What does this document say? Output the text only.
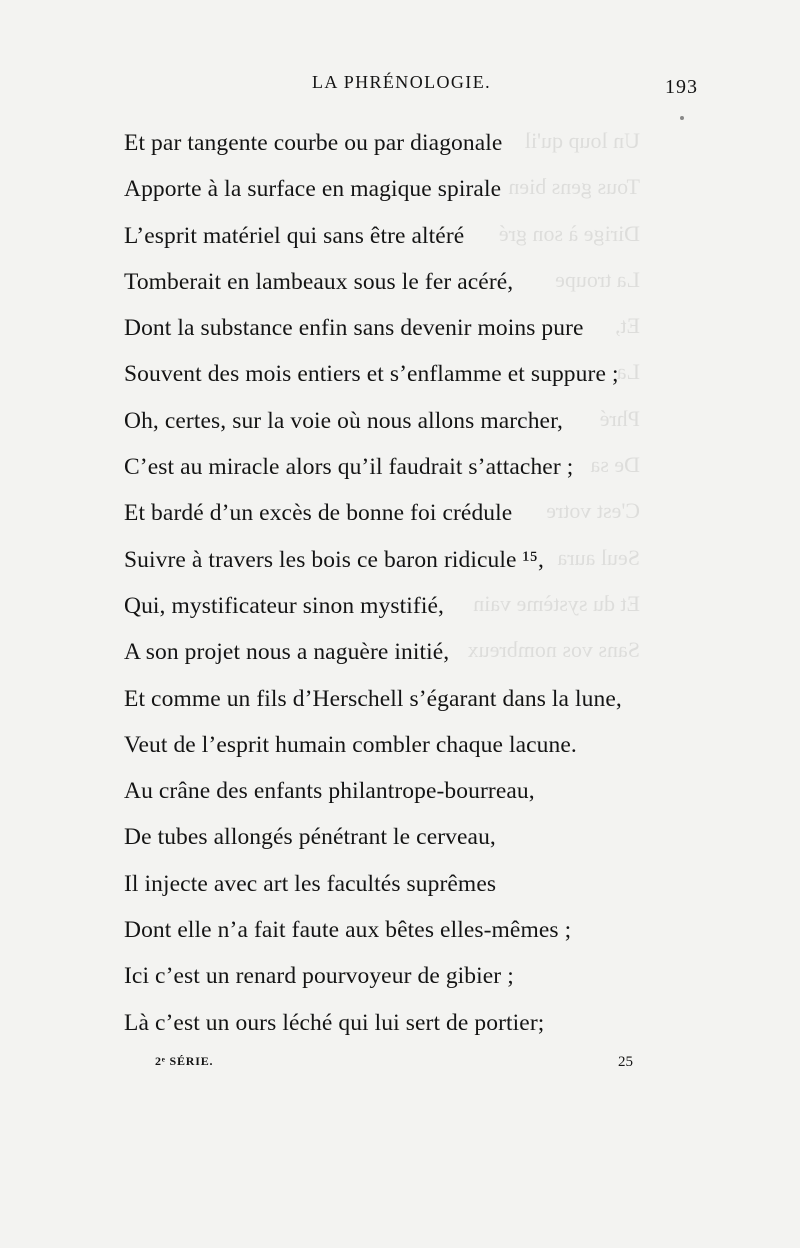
Un loup qu'il
Tous gens bien
Dirige à son gré
La troupe
Et,
La
Phré
De sa
C'est votre
Seul aura
Et du système vain
Sans vos nombreux
LA PHRÉNOLOGIE.	193
Et par tangente courbe ou par diagonale
Apporte à la surface en magique spirale
L’esprit matériel qui sans être altéré
Tomberait en lambeaux sous le fer acéré,
Dont la substance enfin sans devenir moins pure
Souvent des mois entiers et s’enflamme et suppure ;
Oh, certes, sur la voie où nous allons marcher,
C’est au miracle alors qu’il faudrait s’attacher ;
Et bardé d’un excès de bonne foi crédule
Suivre à travers les bois ce baron ridicule ¹⁵,
Qui, mystificateur sinon mystifié,
A son projet nous a naguère initié,
Et comme un fils d’Herschell s’égarant dans la lune,
Veut de l’esprit humain combler chaque lacune.
Au crâne des enfants philantrope-bourreau,
De tubes allongés pénétrant le cerveau,
Il injecte avec art les facultés suprêmes
Dont elle n’a fait faute aux bêtes elles-mêmes ;
Ici c’est un renard pourvoyeur de gibier ;
Là c’est un ours léché qui lui sert de portier;
2ᵉ SÉRIE.	25
